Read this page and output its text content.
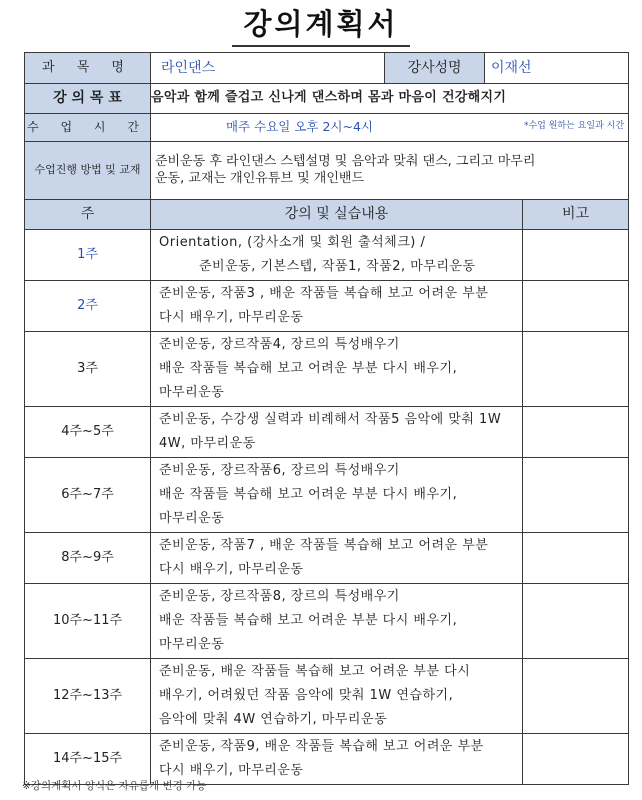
강의계획서
과 목 명	라인댄스	강사성명	이재선	
강 의 목 표	음악과 함께 즐겁고 신나게 댄스하며 몸과 마음이 건강해지기			
수 업 시 간	매주 수요일 오후 2시~4시 *수업 원하는 요일과 시간			

수업진행 방법 및 교재	준비운동 후 라인댄스 스텝설명 및 음악과 맞춰 댄스, 그리고 마무리
운동, 교재는 개인유튜브 및 개인밴드			

주	강의 및 실습내용			비고
1주	Orientation, (강사소개 및 회원 출석체크) /
준비운동, 기본스텝, 작품1, 작품2, 마무리운동			

2주	준비운동, 작품3 , 배운 작품들 복습해 보고 어려운 부분
다시 배우기, 마무리운동			

3주	준비운동, 장르작품4, 장르의 특성배우기
배운 작품들 복습해 보고 어려운 부분 다시 배우기,
마무리운동			

4주~5주	준비운동, 수강생 실력과 비례해서 작품5 음악에 맞춰 1W
4W, 마무리운동			

6주~7주	준비운동, 장르작품6, 장르의 특성배우기
배운 작품들 복습해 보고 어려운 부분 다시 배우기,
마무리운동			

8주~9주	준비운동, 작품7 , 배운 작품들 복습해 보고 어려운 부분
다시 배우기, 마무리운동			

10주~11주	준비운동, 장르작품8, 장르의 특성배우기
배운 작품들 복습해 보고 어려운 부분 다시 배우기,
마무리운동			

12주~13주	준비운동, 배운 작품들 복습해 보고 어려운 부분 다시
배우기, 어려웠던 작품 음악에 맞춰 1W 연습하기,
음악에 맞춰 4W 연습하기, 마무리운동			

14주~15주	준비운동, 작품9, 배운 작품들 복습해 보고 어려운 부분
다시 배우기, 마무리운동			

※강의계획서 양식은 자유롭게 변경 가능
